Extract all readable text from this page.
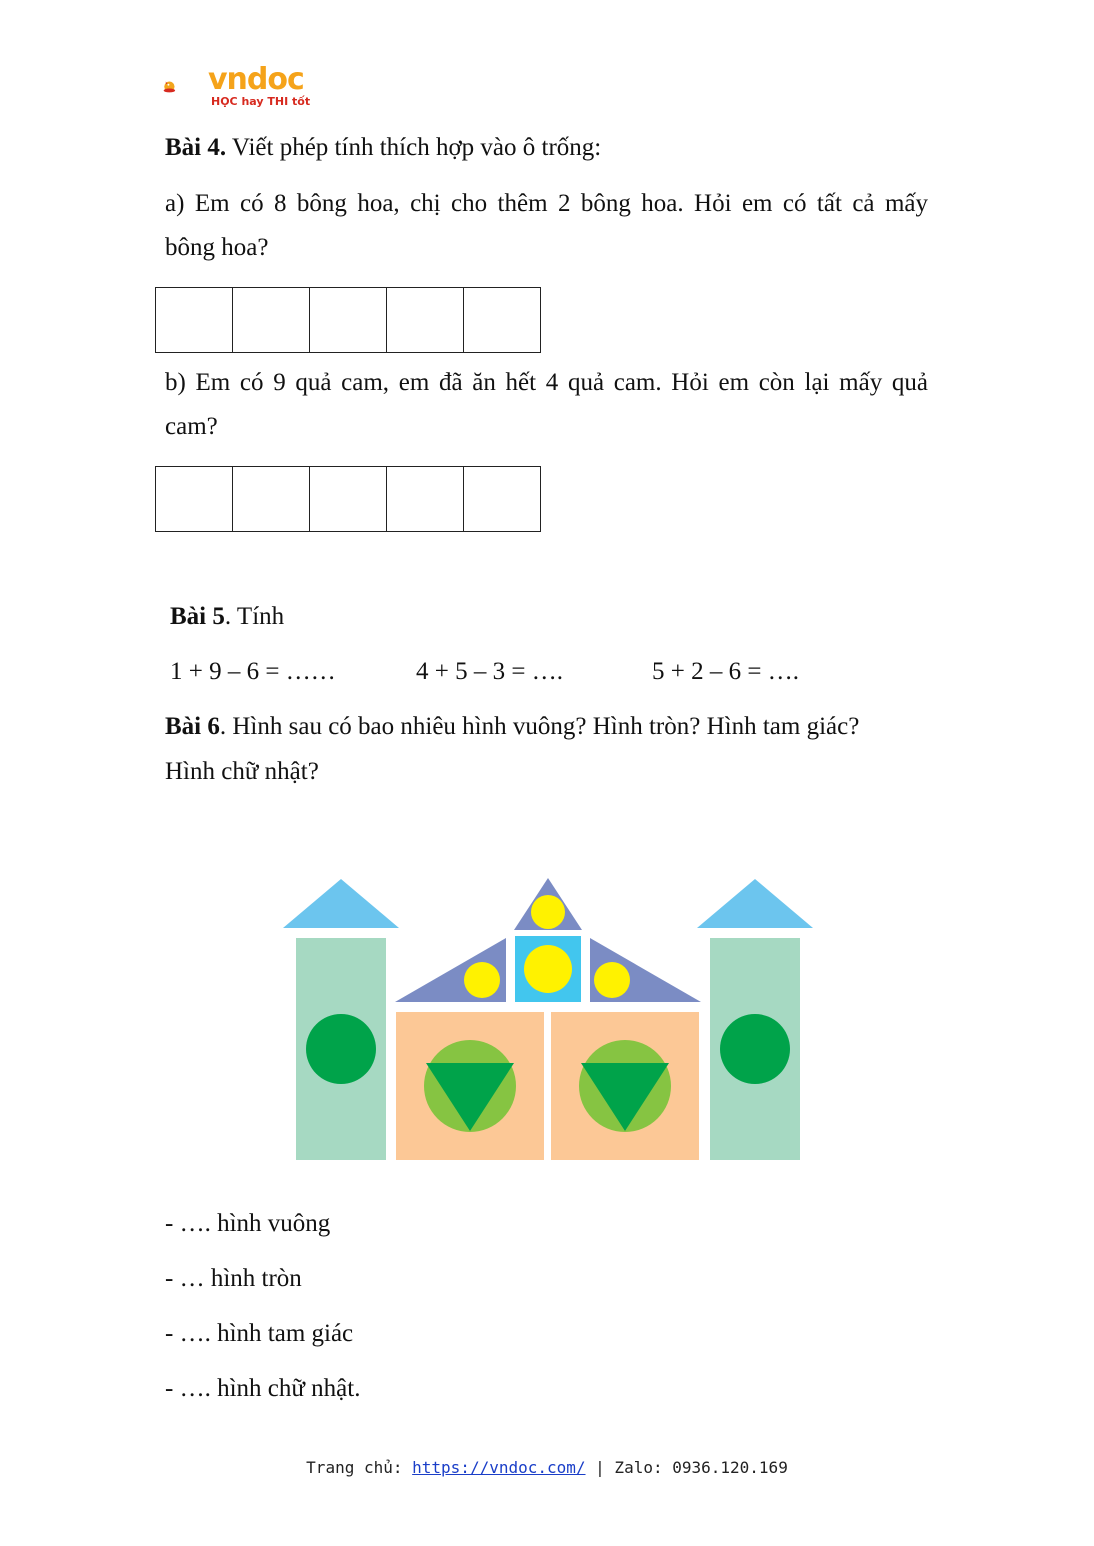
vndoc
HỌC hay THI tốt
Bài 4. Viết phép tính thích hợp vào ô trống:
a) Em có 8 bông hoa, chị cho thêm 2 bông hoa. Hỏi em có tất cả mấy
bông hoa?
b) Em có 9 quả cam, em đã ăn hết 4 quả cam. Hỏi em còn lại mấy quả
cam?
Bài 5. Tính
1 + 9 – 6 = ……	4 + 5 – 3 = ….	5 + 2 – 6 = ….
Bài 6. Hình sau có bao nhiêu hình vuông? Hình tròn? Hình tam giác?
Hình chữ nhật?
- …. hình vuông
- … hình tròn
- …. hình tam giác
- …. hình chữ nhật.
Trang chủ: https://vndoc.com/ | Zalo: 0936.120.169
